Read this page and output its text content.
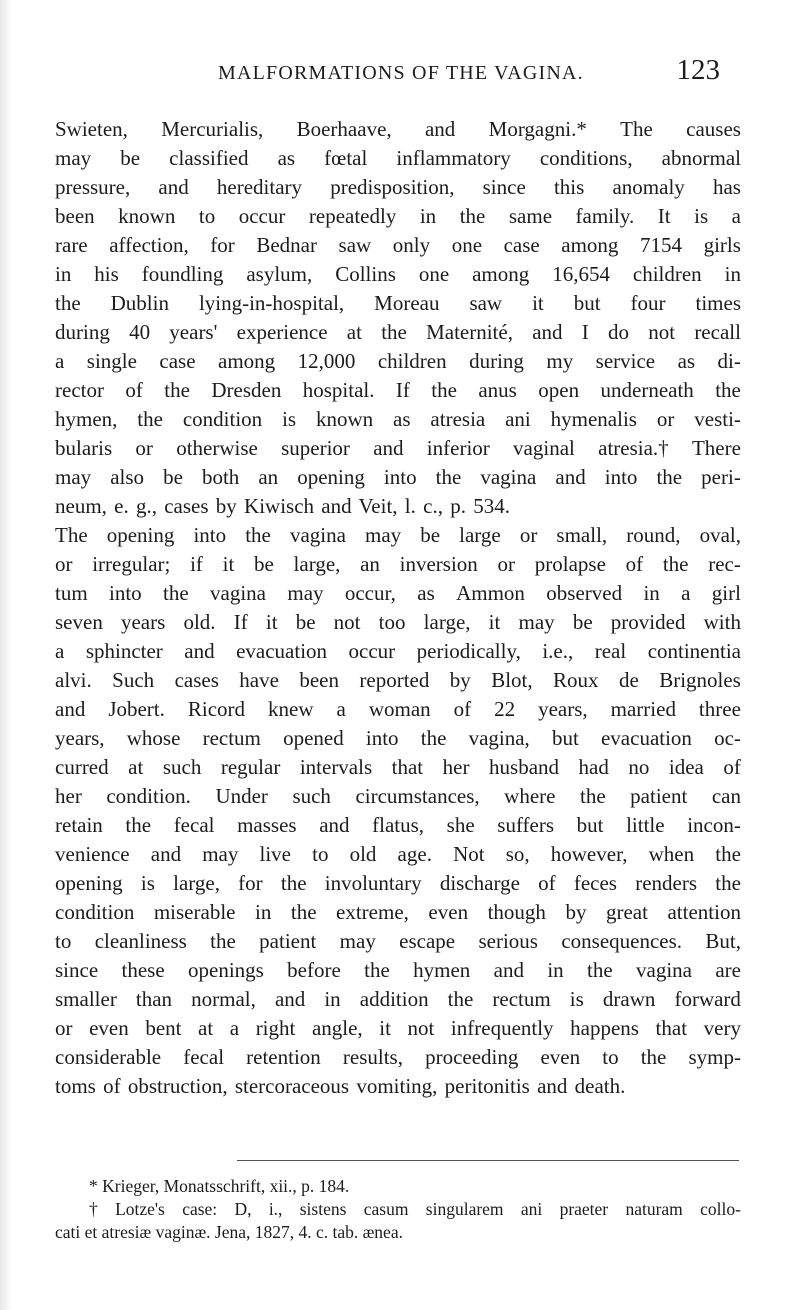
MALFORMATIONS OF THE VAGINA.	123
Swieten, Mercurialis, Boerhaave, and Morgagni.* The causes
may be classified as fœtal inflammatory conditions, abnormal
pressure, and hereditary predisposition, since this anomaly has
been known to occur repeatedly in the same family. It is a
rare affection, for Bednar saw only one case among 7154 girls
in his foundling asylum, Collins one among 16,654 children in
the Dublin lying-in-hospital, Moreau saw it but four times
during 40 years' experience at the Maternité, and I do not recall
a single case among 12,000 children during my service as di-
rector of the Dresden hospital. If the anus open underneath the
hymen, the condition is known as atresia ani hymenalis or vesti-
bularis or otherwise superior and inferior vaginal atresia.† There
may also be both an opening into the vagina and into the peri-
neum, e. g., cases by Kiwisch and Veit, l. c., p. 534.
The opening into the vagina may be large or small, round, oval,
or irregular; if it be large, an inversion or prolapse of the rec-
tum into the vagina may occur, as Ammon observed in a girl
seven years old. If it be not too large, it may be provided with
a sphincter and evacuation occur periodically, i.e., real continentia
alvi. Such cases have been reported by Blot, Roux de Brignoles
and Jobert. Ricord knew a woman of 22 years, married three
years, whose rectum opened into the vagina, but evacuation oc-
curred at such regular intervals that her husband had no idea of
her condition. Under such circumstances, where the patient can
retain the fecal masses and flatus, she suffers but little incon-
venience and may live to old age. Not so, however, when the
opening is large, for the involuntary discharge of feces renders the
condition miserable in the extreme, even though by great attention
to cleanliness the patient may escape serious consequences. But,
since these openings before the hymen and in the vagina are
smaller than normal, and in addition the rectum is drawn forward
or even bent at a right angle, it not infrequently happens that very
considerable fecal retention results, proceeding even to the symp-
toms of obstruction, stercoraceous vomiting, peritonitis and death.
* Krieger, Monatsschrift, xii., p. 184.
† Lotze's case: D, i., sistens casum singularem ani praeter naturam collo-
cati et atresiæ vaginæ. Jena, 1827, 4. c. tab. ænea.
